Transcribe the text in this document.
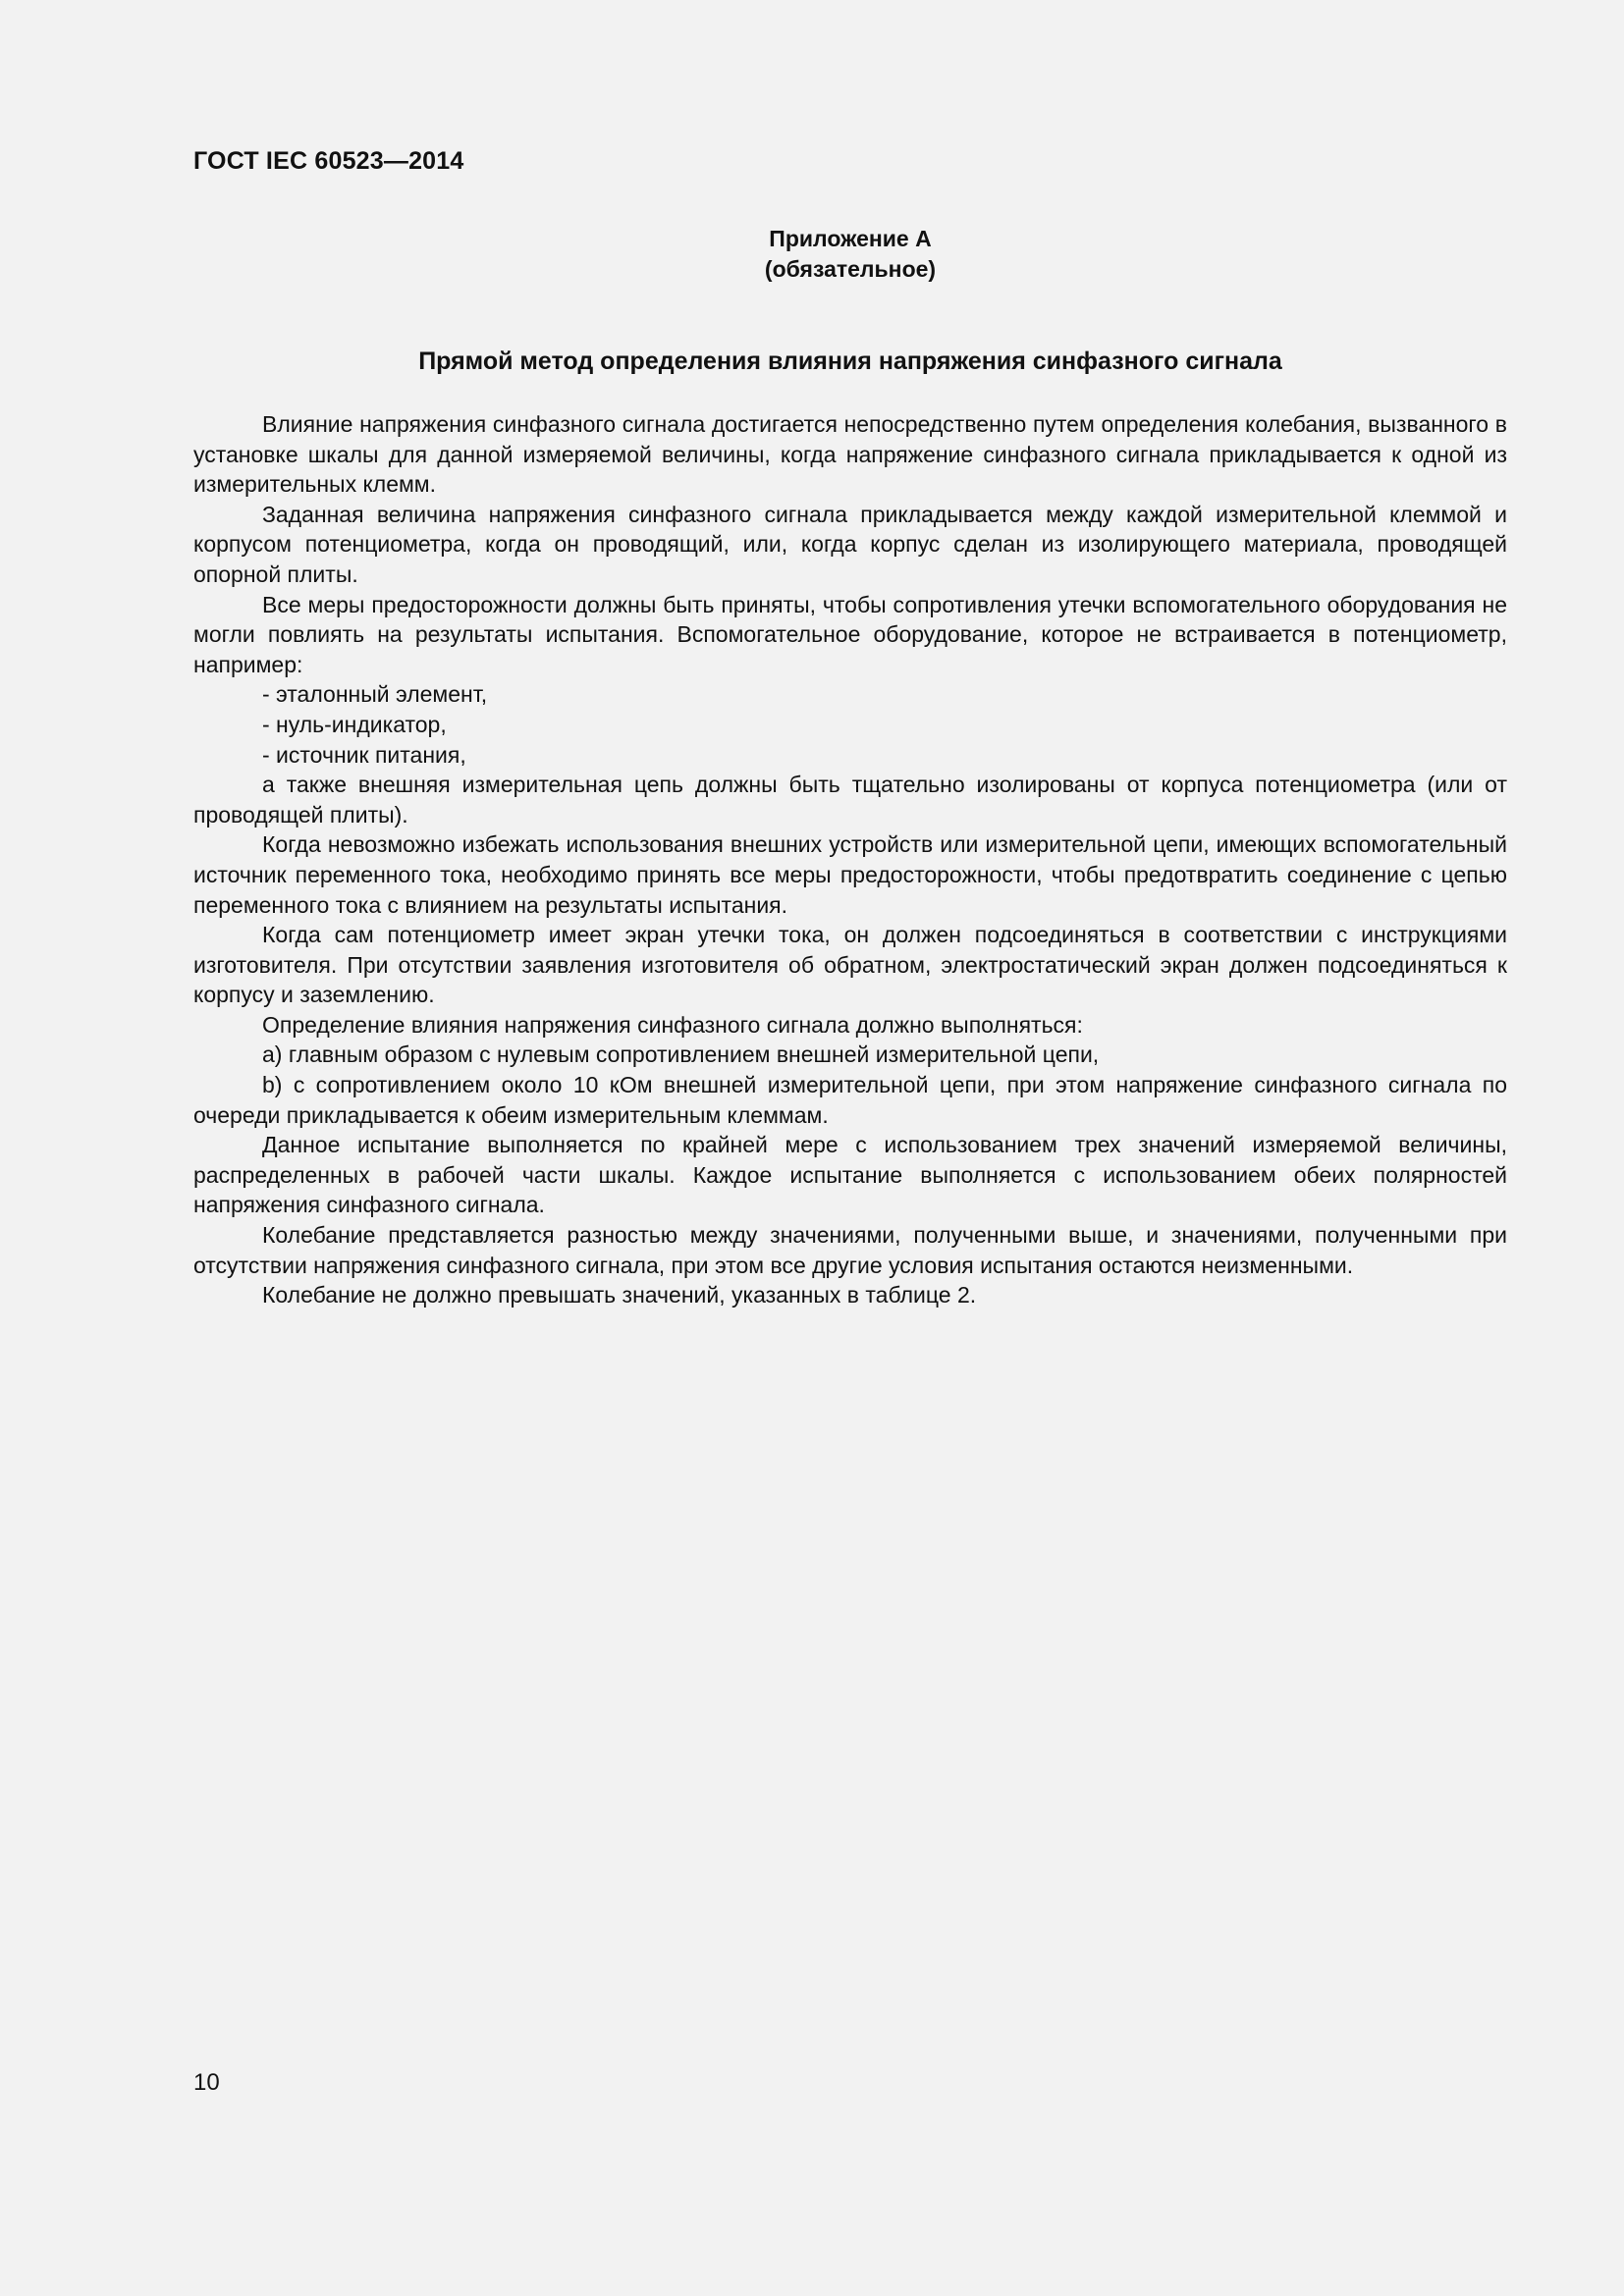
ГОСТ IEC 60523—2014
Приложение А
(обязательное)
Прямой метод определения влияния напряжения синфазного сигнала

Влияние напряжения синфазного сигнала достигается непосредственно путем определения колебания, вызванного в установке шкалы для данной измеряемой величины, когда напряжение синфазного сигнала прикладывается к одной из измерительных клемм.

Заданная величина напряжения синфазного сигнала прикладывается между каждой измерительной клеммой и корпусом потенциометра, когда он проводящий, или, когда корпус сделан из изолирующего материала, проводящей опорной плиты.

Все меры предосторожности должны быть приняты, чтобы сопротивления утечки вспомогательного оборудования не могли повлиять на результаты испытания. Вспомогательное оборудование, которое не встраивается в потенциометр, например:

- эталонный элемент,

- нуль-индикатор,

- источник питания,

а также внешняя измерительная цепь должны быть тщательно изолированы от корпуса потенциометра (или от проводящей плиты).

Когда невозможно избежать использования внешних устройств или измерительной цепи, имеющих вспомогательный источник переменного тока, необходимо принять все меры предосторожности, чтобы предотвратить соединение с цепью переменного тока с влиянием на результаты испытания.

Когда сам потенциометр имеет экран утечки тока, он должен подсоединяться в соответствии с инструкциями изготовителя. При отсутствии заявления изготовителя об обратном, электростатический экран должен подсоединяться к корпусу и заземлению.

Определение влияния напряжения синфазного сигнала должно выполняться:

a) главным образом с нулевым сопротивлением внешней измерительной цепи,

b) с сопротивлением около 10 кОм внешней измерительной цепи, при этом напряжение синфазного сигнала по очереди прикладывается к обеим измерительным клеммам.

Данное испытание выполняется по крайней мере с использованием трех значений измеряемой величины, распределенных в рабочей части шкалы. Каждое испытание выполняется с использованием обеих полярностей напряжения синфазного сигнала.

Колебание представляется разностью между значениями, полученными выше, и значениями, полученными при отсутствии напряжения синфазного сигнала, при этом все другие условия испытания остаются неизменными.

Колебание не должно превышать значений, указанных в таблице 2.

10
